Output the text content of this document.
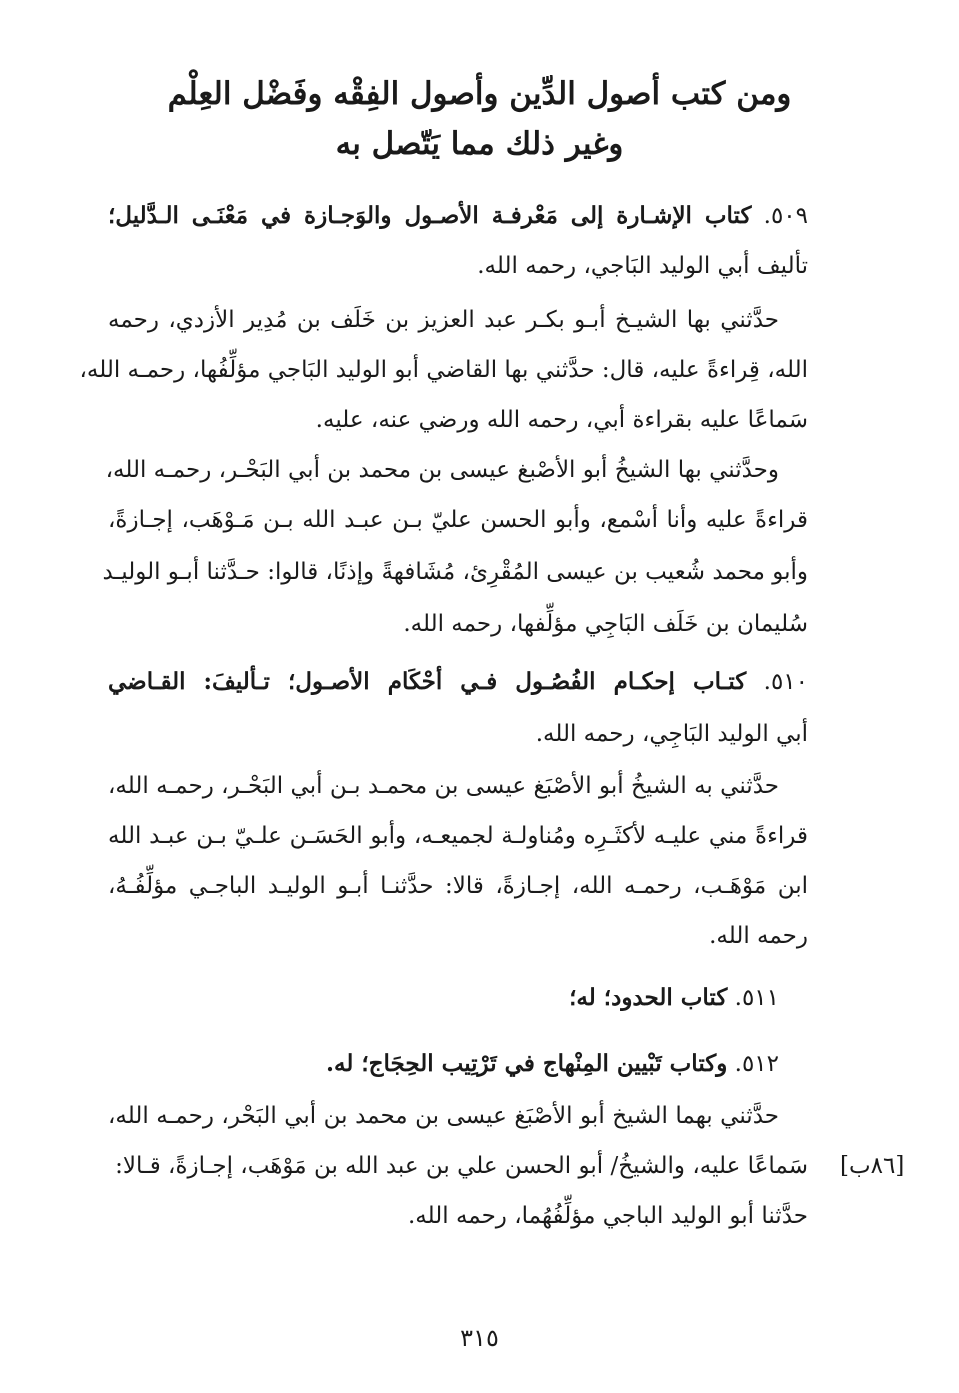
ومن كتب أصول الدِّين وأصول الفِقْه وفَضْل العِلْم
وغير ذلك مما يَتّصل به
٥٠٩. كتاب الإشـارة إلى مَعْرفـة الأصـول والوَجـازة في مَعْنَـى الـدَّليل؛
تأليف أبي الوليد البَاجي، رحمه الله.
حدَّثني بها الشيـخ أبـو بكـر عبد العزيز بن خَلَف بن مُدِير الأزدي، رحمه
الله، قِراءةً عليه، قال: حدَّثني بها القاضي أبو الوليد البَاجي مؤلِّفُها، رحمـه الله،
سَماعًا عليه بقراءة أبي، رحمه الله ورضي عنه، عليه.
وحدَّثني بها الشيخُ أبو الأصْبغ عيسى بن محمد بن أبي البَحْـر، رحمـه الله،
قراءةً عليه وأنا أسْمع، وأبو الحسن عليّ بـن عبـد الله بـن مَـوْهَب، إجـازةً،
وأبو محمد شُعيب بن عيسى المُقْرِئ، مُشَافهةً وإذنًا، قالوا: حـدَّثنا أبـو الوليـد
سُليمان بن خَلَف البَاجِي مؤلِّفها، رحمه الله.
٥١٠. كتـاب إحكـام الفُصُـول فـي أحْكَام الأصـول؛ تـأليفَ: القـاضي
أبي الوليد البَاجِي، رحمه الله.
حدَّثني به الشيخُ أبو الأصْبَغ عيسى بن محمـد بـن أبي البَحْـر، رحمـه الله،
قراءةً مني عليـه لأكثَـرِه ومُناولـة لجميعـه، وأبو الحَسَـن علـيّ بـن عبـد الله
ابن مَوْهَـب، رحمـه الله، إجـازةً، قالا: حدَّثنـا أبـو الوليـد الباجـي مؤلِّفُـهُ،
رحمه الله.
٥١١. كتاب الحدود؛ له؛
٥١٢. وكتاب تَبْيين المِنْهاج في تَرْتِيب الحِجَاج؛ له.
حدَّثني بهما الشيخ أبو الأصْبَغ عيسى بن محمد بن أبي البَحْر، رحمـه الله،
سَماعًا عليه، والشيخُ/ أبو الحسن علي بن عبد الله بن مَوْهَب، إجـازةً، قـالا:
حدَّثنا أبو الوليد الباجي مؤلِّفُهُما، رحمه الله.
[٨٦ب]
٣١٥
